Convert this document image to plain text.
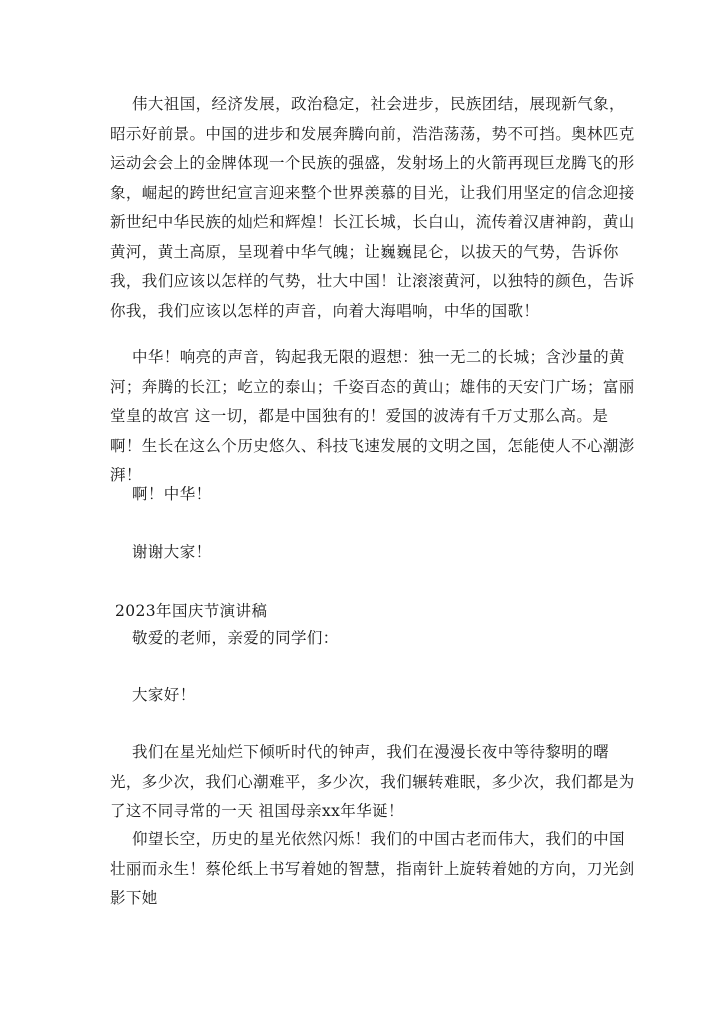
伟大祖国，经济发展，政治稳定，社会进步，民族团结，展现新气象，昭示好前景。中国的进步和发展奔腾向前，浩浩荡荡，势不可挡。奥林匹克运动会会上的金牌体现一个民族的强盛，发射场上的火箭再现巨龙腾飞的形象，崛起的跨世纪宣言迎来整个世界羡慕的目光，让我们用坚定的信念迎接新世纪中华民族的灿烂和辉煌！长江长城，长白山，流传着汉唐神韵，黄山黄河，黄土高原，呈现着中华气魄；让巍巍昆仑，以拔天的气势，告诉你我，我们应该以怎样的气势，壮大中国！让滚滚黄河，以独特的颜色，告诉你我，我们应该以怎样的声音，向着大海唱响，中华的国歌！

中华！响亮的声音，钩起我无限的遐想：独一无二的长城；含沙量的黄河；奔腾的长江；屹立的泰山；千姿百态的黄山；雄伟的天安门广场；富丽堂皇的故宫 这一切，都是中国独有的！爱国的波涛有千万丈那么高。是啊！生长在这么个历史悠久、科技飞速发展的文明之国，怎能使人不心潮澎湃！

啊！中华！

谢谢大家！

2023年国庆节演讲稿

敬爱的老师，亲爱的同学们：

大家好！

我们在星光灿烂下倾听时代的钟声，我们在漫漫长夜中等待黎明的曙光，多少次，我们心潮难平，多少次，我们辗转难眠，多少次，我们都是为了这不同寻常的一天 祖国母亲xx年华诞！

仰望长空，历史的星光依然闪烁！我们的中国古老而伟大，我们的中国壮丽而永生！蔡伦纸上书写着她的智慧，指南针上旋转着她的方向，刀光剑影下她
